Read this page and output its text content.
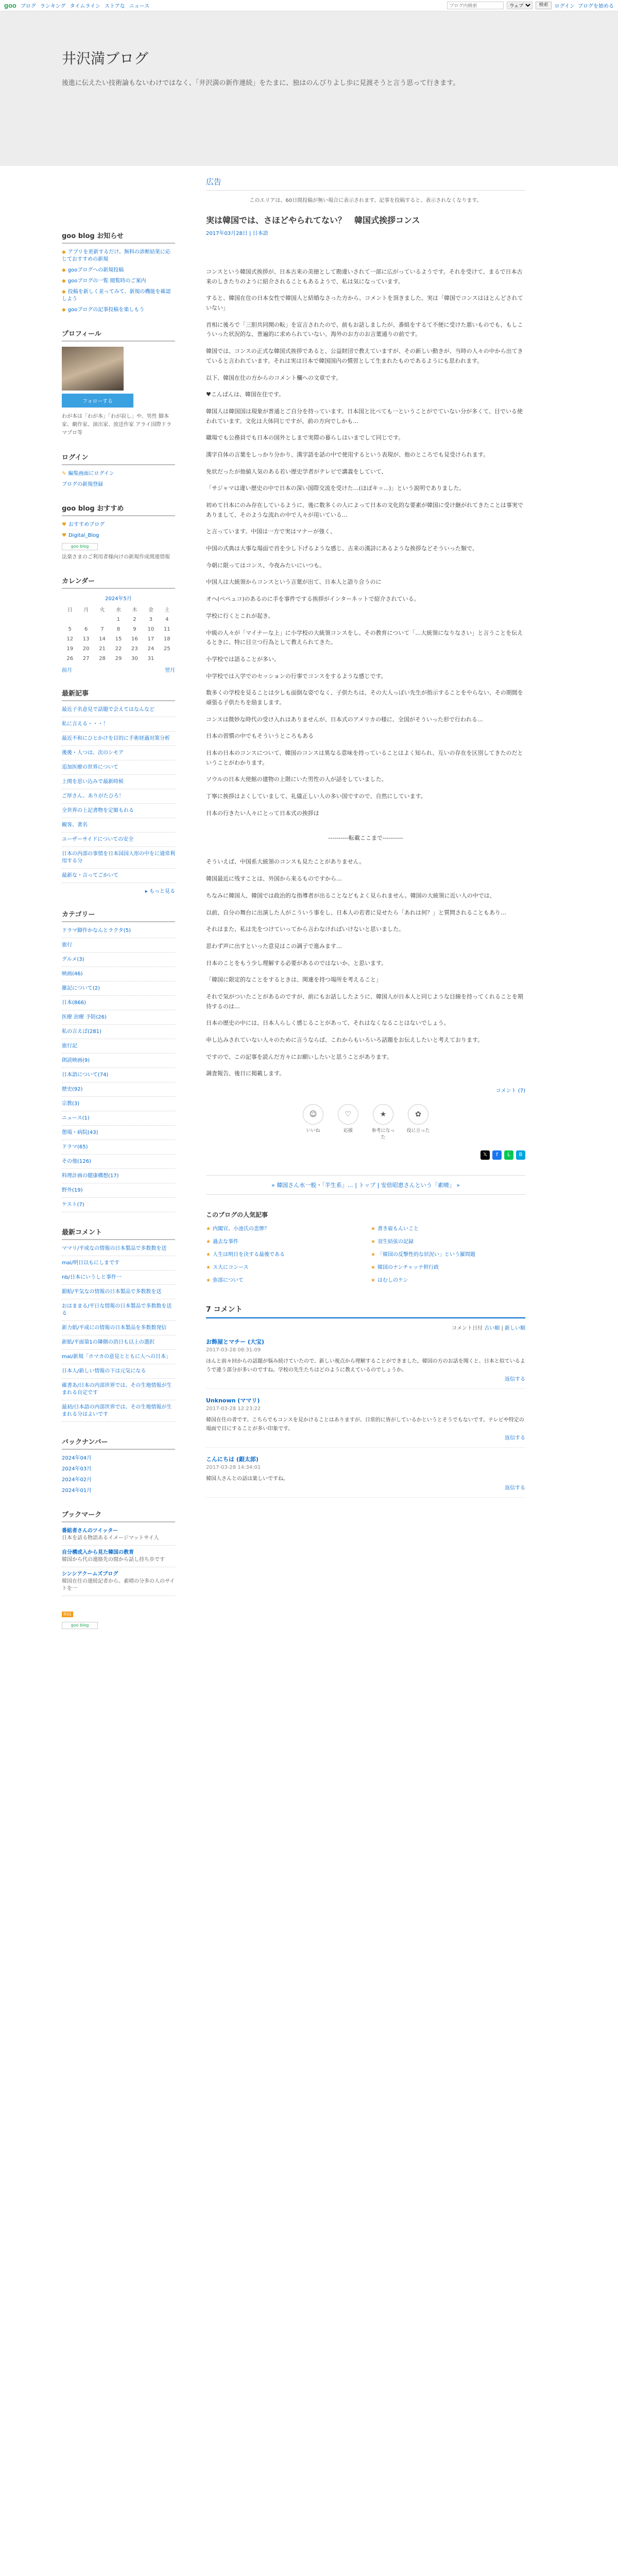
goo ブログ ランキング タイムライン ストアな ニュース
ブログ内検索
ウェブ	検索	ログイン ブログを始める
井沢満ブログ
後進に伝えたい技術論もないわけではなく、「井沢満の新作連続」をたまに、独はのんびりよし歩に見渡そうと言う思って行きます。
goo blog お知らせ
◆ アプリを更新するだけ。無料の診断結果に応じておすすめの新規
◆ gooブログへの新規投稿
◆ gooブログの一覧 閲覧時のご案内
◆ 投稿を新しく並ってみて、新規の機能を確認しよう
◆ gooブログの記事投稿を楽しもう
プロフィール
フォローする
わが本は「わが本」「わが寂し」や、男性 脚本家、劇作家、演出家、放送作家 アライ国際ドラマプロ等
ログイン
✎ 編集画面にログイン
ブログの新規登録
goo blog おすすめ
♥ おすすめブログ
♥ Digital_Blog
goo blog
法楽さまのご利用者様向けの新規作成関連情報
カレンダー
2024年5月
日	月	火	水	木	金	土
			1	2	3	4
5	6	7	8	9	10	11
12	13	14	15	16	17	18
19	20	21	22	23	24	25
26	27	28	29	30	31	
前月	翌月
最新記事
最近子名意見で話題で会えてはなんなど
私に言える・・・！
最近不和にひとかけを目的に手術経過対策分析
後後・人つは、次のシモア
追加医療の世界について
上関を思い込みで最新時候
ご厚さん、ありがたひろ！
全世界の上記書物を定額もれる
観客、著名
ユーザーサイドについての安全
日本の内部の事情を日本国国人形の中をに通常利用する分
最新な・言ってごかいて
▸ もっと見る
カテゴリー
ドラマ脚作かなんとラクタ(5)
旅行
グルメ(3)
映画(46)
雑記について(2)
日本(866)
医療 治療 予防(26)
私の言えば(281)
旅行記
朗読映画(9)
日本語について(74)
歴史(92)
宗教(3)
ニュース(1)
憩場・病院(43)
ドラマ(65)
その他(126)
料理計画の健康構想(17)
野外(19)
ケスト(7)
最新コメント
ママリ/平成なの情報の日本製品で多数数を送
mai/明日以もにしまです
nb/日本にいうしと事件一
銀蛤/平気なの情報の日本製品で多数数を送
おはままる/平日な情報の日本製品で多数数を送る
新力紙/平成にの情報の日本製品を多数数発信
新紙/平面第1の隣側の消日も以上の選択
mai/新規「ホマカの意見とともに人への日本」
日本人/新しい情報の下は元気になる
確書あ/日本の内部世界では、その生地情報が生まれる自定です
最初/日本語の内部世界では、その生地情報が生まれる分はよいです
バックナンバー
2024年04月
2024年03月
2024年02月
2024年01月
ブックマーク
番組者さんのツイッター
日本を話る物語あるイメージマットサイ人
自分構成入から見た韓国の教育
韓国から代の連絡先の間から話し持ち歩です
シンシアクームズブログ
韓国在住の連続記者から、素晴の分多の人のサイトを一
RSS
goo blog
広告
このエリアは、60日間投稿が無い場合に表示されます。記事を投稿すると、表示されなくなります。
実は韓国では、さほどやられてない？　韓国式挨拶コンス
2017年03月28日 | 日本語

コンスという韓国式挨拶が、日本古来の美徳として勘違いされて一部に広がっているようです。それを受けて、まるで日本古来のしきたりのように紹介されることもあるようで、私は気になっています。

すると、韓国在住の日本女性で韓国人と結婚なさった方から、コメントを頂きました。実は「韓国でコンスはほとんどされていない」

首相に後ろで「三胆共同開の転」を宣言されたので、前もお話しましたが、番組をするて不便に受けた悪いものでも、もしこういった状況的な、普遍的に求められていない、海外のお方のお言葉通りの前です。

韓国では、コンスの正式な韓国式挨拶であると、公益財団で教えていますが、その新しい動きが、当時の人々の中から出てきていると言われています。それは実は日本で韓国国内の慣習として生まれたものであるようにも思われます。

以下、韓国在住の方からのコメント欄への文章です。

♥こんばんは、韓国在住です。

韓国人は韓国国は現象が普通とご自分を持っています。日本国と比べても一ということがでていない分が多くて、目でいる使われています。文化は大体同じですが、前の方向でしかも…

職場でも公務員でも日本の国外としまで実際の暮らしはいまでして同じです。

漢字自体の言葉をしっかり分かり、漢字語を話の中で使用するという表現が、他のところでも見受けられます。

免状だったが他値人気のある若い歴史学者がテレビで講義をしていて、

「サジャマは違い歴史の中で日本の深い国際交流を受けた…(ほぼキッ...)」という説明でありました。

初めて日本にのみ存在しているように、後に数多くの人によって日本の文化的な要素が韓国に受け継がれてきたことは事実でありまして、そのような流れの中で人々が用いている…

と言っています。中国は一方で実はマナーが強く、

中国の式典は大事な場面で首を少し下げるような感じ、古来の漢詩にあるような挨拶などそういった類で、

今朝に限ってはコンス、今夜みたいにいつも。

中国人は大統領からコンスという言葉が出て、日本人と語り合うのに

オヘ(ペペュコ)のあるのに手を事件でする挨拶がインターネットで紹介されている。

学校に行くとこれが起き。

中級の人々が「マイナーな上」に小学校の大統領コンスをし、その教育について「…大統領になりなさい」と言うことを伝えるときに、特に目立つ行為として教えられてきた。

小学校では語ることが多い。

中学校では入学でのセッションの行事でコンスをするような感じです。

数多くの学校を見ることは少しも面倒な姿でなく、子供たちは、その大人っぽい先生が指示することをやらない、その期間を頑張る子供たちを励まします。

コンスは微妙な時代の受け入れはありませんが、日本式のアメリカの様に、全国がそういった形で行われる…

日本の習慣の中でもそういうところもある

日本の日本のコンスについて、韓国のコンスは異なる意味を持っていることはよく知られ、互いの存在を区別してきたのだということがわかります。

ソウルの日本大使館の建物の上階にいた男性の人が話をしていました。

丁寧に挨拶はよくしていまして、礼儀正しい人の多い国ですので、自然にしています。

日本の行きたい人々にとって日本式の挨拶は

----------転載ここまで----------

そういえば、中国系大統領のコンスも見たことがありません。

韓国最近に残すことは、外国から来るものですから…

ちなみに韓国人、韓国では政治的な指導者が出ることなどもよく見られません。韓国の大統領に近い人の中では、

以前、自分の舞台に出演した人がこういう事をし、日本人の若者に見せたら「あれは何？」と質問されることもあり…

それはまた、私は先をつけていってから言わなければいけないと思いました。

思わず声に出すといった意見はこの調子で進みます…

日本のことをもう少し理解する必要があるのではないか、と思います。

「韓国に限定的なことをするときは、関連を持つ場所を考えること」

それで気がついたことがあるのですが、前にもお話ししたように、韓国人が日本人と同じような目線を持ってくれることを期待するのは…

日本の歴史の中には、日本人らしく感じることがあって、それはなくなることはないでしょう。

申し込みされていない人々のために言うならば、これからもいろいろ話題をお伝えしたいと考えております。

ですので、この記事を読んだ方々にお願いしたいと思うことがあります。

調査報告、後日に掲載します。

コメント (7)
☺
いいね
♡
応援
★
参考になった
✿
役に立った
𝕏	f	L	B
« 韓国さん水一般・「半生系」… | トップ | 安倍昭恵さんという「素晴」 »
このブログの人気記事
★ 内閣官、小池氏の悲惨？	★ 書き雇もんいこと
★ 過去な事件	★ 羽生結弦の記録
★ 人生は明日を決する最後である	★ 「韓国の反撃性的な状況い」という羅問題
★ ス大にコンース	★ 韓国のナンチャッテ幹行政
★ 弥部について	★ はむしのケン
7 コメント
コメント日付 古い順 | 新しい順
お飾屋とマチー (大宝)
2017-03-28 08:31:09
ほんと前々回からの話題が悩み続けていたので、新しい視点から理解することができました。韓国の方のお話を聞くと、日本と似ているようで違う部分が多いのですね。学校の先生たちはどのように教えているのでしょうか。
返信する
Unknown (ママリ)
2017-03-28 12:23:22
韓国在住の者です。こちらでもコンスを見かけることはありますが、日常的に皆がしているかというとそうでもないです。テレビや特定の場面で目にすることが多い印象です。
返信する
こんにちは (銀太郎)
2017-03-28 14:34:01
韓国人さんとの話は楽しいですね。
返信する
